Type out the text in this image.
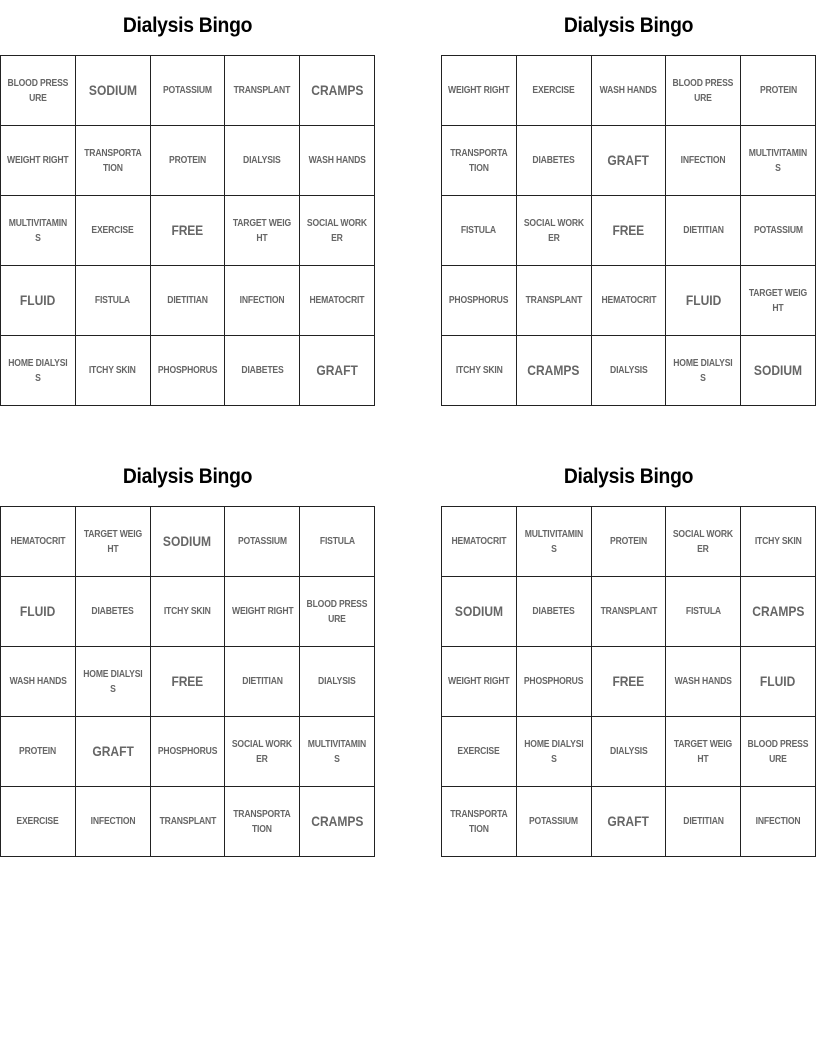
Dialysis Bingo
BLOOD PRESSURE	SODIUM	POTASSIUM	TRANSPLANT	CRAMPS
WEIGHT RIGHT	TRANSPORTATION	PROTEIN	DIALYSIS	WASH HANDS
MULTIVITAMINS	EXERCISE	FREE	TARGET WEIGHT	SOCIAL WORKER
FLUID	FISTULA	DIETITIAN	INFECTION	HEMATOCRIT
HOME DIALYSIS	ITCHY SKIN	PHOSPHORUS	DIABETES	GRAFT
Dialysis Bingo
WEIGHT RIGHT	EXERCISE	WASH HANDS	BLOOD PRESSURE	PROTEIN
TRANSPORTATION	DIABETES	GRAFT	INFECTION	MULTIVITAMINS
FISTULA	SOCIAL WORKER	FREE	DIETITIAN	POTASSIUM
PHOSPHORUS	TRANSPLANT	HEMATOCRIT	FLUID	TARGET WEIGHT
ITCHY SKIN	CRAMPS	DIALYSIS	HOME DIALYSIS	SODIUM
Dialysis Bingo
HEMATOCRIT	TARGET WEIGHT	SODIUM	POTASSIUM	FISTULA
FLUID	DIABETES	ITCHY SKIN	WEIGHT RIGHT	BLOOD PRESSURE
WASH HANDS	HOME DIALYSIS	FREE	DIETITIAN	DIALYSIS
PROTEIN	GRAFT	PHOSPHORUS	SOCIAL WORKER	MULTIVITAMINS
EXERCISE	INFECTION	TRANSPLANT	TRANSPORTATION	CRAMPS
Dialysis Bingo
HEMATOCRIT	MULTIVITAMINS	PROTEIN	SOCIAL WORKER	ITCHY SKIN
SODIUM	DIABETES	TRANSPLANT	FISTULA	CRAMPS
WEIGHT RIGHT	PHOSPHORUS	FREE	WASH HANDS	FLUID
EXERCISE	HOME DIALYSIS	DIALYSIS	TARGET WEIGHT	BLOOD PRESSURE
TRANSPORTATION	POTASSIUM	GRAFT	DIETITIAN	INFECTION
